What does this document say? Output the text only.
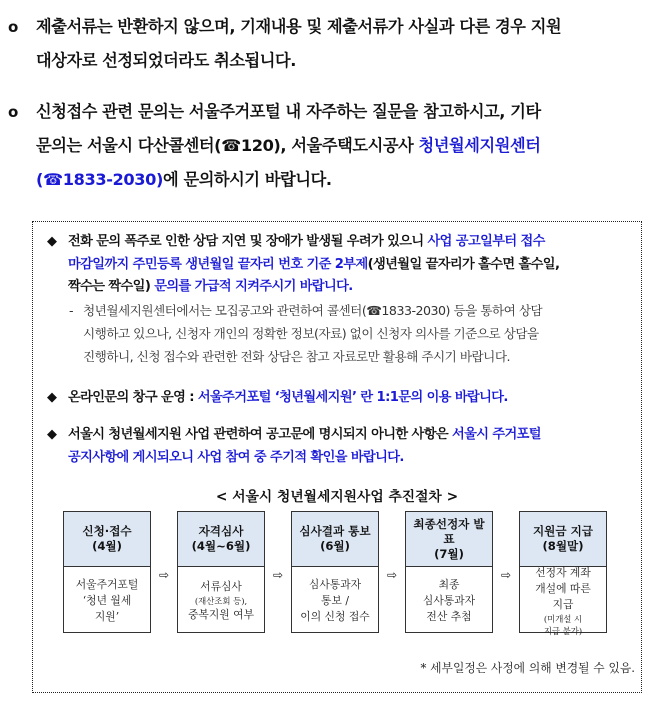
o 제출서류는 반환하지 않으며, 기재내용 및 제출서류가 사실과 다른 경우 지원
대상자로 선정되었더라도 취소됩니다.
o 신청접수 관련 문의는 서울주거포털 내 자주하는 질문을 참고하시고, 기타
문의는 서울시 다산콜센터(☎120), 서울주택도시공사 청년월세지원센터
(☎1833-2030)에 문의하시기 바랍니다.
◆ 전화 문의 폭주로 인한 상담 지연 및 장애가 발생될 우려가 있으니 사업 공고일부터 접수
마감일까지 주민등록 생년월일 끝자리 번호 기준 2부제(생년월일 끝자리가 홀수면 홀수일,
짝수는 짝수일) 문의를 가급적 지켜주시기 바랍니다.
- 청년월세지원센터에서는 모집공고와 관련하여 콜센터(☎1833-2030) 등을 통하여 상담
시행하고 있으나, 신청자 개인의 정확한 정보(자료) 없이 신청자 의사를 기준으로 상담을
진행하니, 신청 접수와 관련한 전화 상담은 참고 자료로만 활용해 주시기 바랍니다.
◆ 온라인문의 창구 운영 : 서울주거포털 ‘청년월세지원’ 란 1:1문의 이용 바랍니다.
◆ 서울시 청년월세지원 사업 관련하여 공고문에 명시되지 아니한 사항은 서울시 주거포털
공지사항에 게시되오니 사업 참여 중 주기적 확인을 바랍니다.
< 서울시 청년월세지원사업 추진절차 >
신청·접수
(4월)
서울주거포털
‘청년 월세
지원’
⇨
자격심사
(4월~6월)
서류심사
(재산조회 등),
중복지원 여부
⇨
심사결과 통보
(6월)
심사통과자
통보 /
이의 신청 접수
⇨
최종선정자 발
표
(7월)
최종
심사통과자
전산 추첨
⇨
지원금 지급
(8월말)
선정자 계좌
개설에 따른
지급
(미개설 시
지급 불가)
* 세부일정은 사정에 의해 변경될 수 있음.
